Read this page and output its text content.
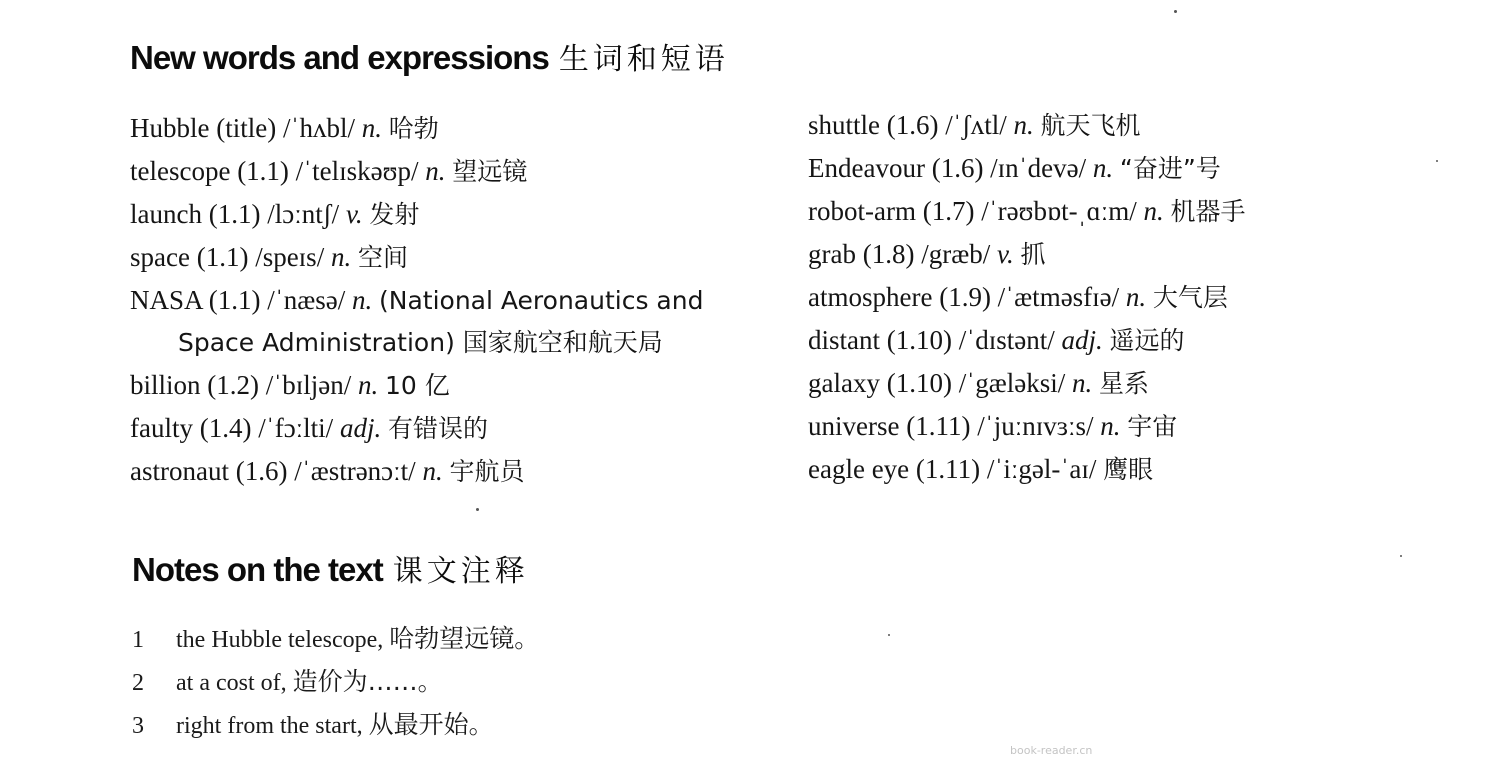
New words and expressions 生词和短语
Hubble (title) /ˈhʌbl/ n. 哈勃
telescope (1.1) /ˈtelɪskəʊp/ n. 望远镜
launch (1.1) /lɔːntʃ/ v. 发射
space (1.1) /speɪs/ n. 空间
NASA (1.1) /ˈnæsə/ n. (National Aeronautics and
Space Administration) 国家航空和航天局
billion (1.2) /ˈbɪljən/ n. 10 亿
faulty (1.4) /ˈfɔːlti/ adj. 有错误的
astronaut (1.6) /ˈæstrənɔːt/ n. 宇航员
shuttle (1.6) /ˈʃʌtl/ n. 航天飞机
Endeavour (1.6) /ɪnˈdevə/ n. “奋进”号
robot-arm (1.7) /ˈrəʊbɒt-ˌɑːm/ n. 机器手
grab (1.8) /græb/ v. 抓
atmosphere (1.9) /ˈætməsfɪə/ n. 大气层
distant (1.10) /ˈdɪstənt/ adj. 遥远的
galaxy (1.10) /ˈgæləksi/ n. 星系
universe (1.11) /ˈjuːnɪvɜːs/ n. 宇宙
eagle eye (1.11) /ˈiːgəl-ˈaɪ/ 鹰眼
Notes on the text 课文注释
1 the Hubble telescope, 哈勃望远镜。
2 at a cost of, 造价为……。
3 right from the start, 从最开始。
book-reader.cn
